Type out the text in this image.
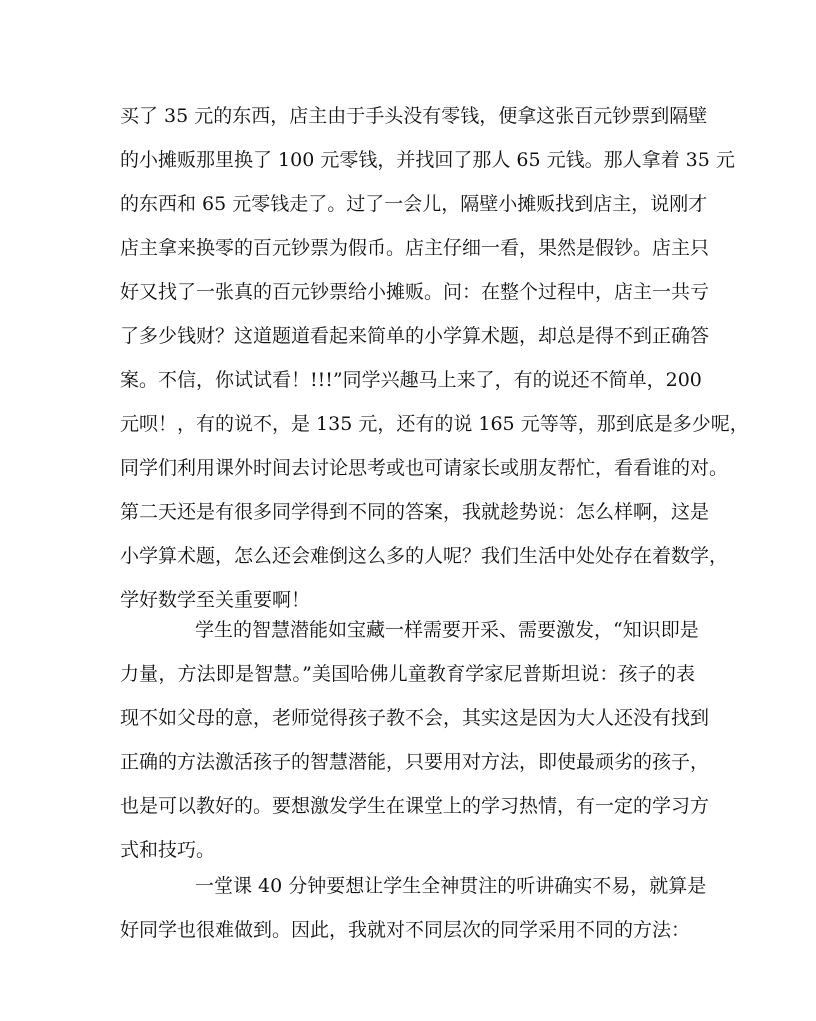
买了 35 元的东西，店主由于手头没有零钱，便拿这张百元钞票到隔壁
的小摊贩那里换了 100 元零钱，并找回了那人 65 元钱。那人拿着 35 元
的东西和 65 元零钱走了。过了一会儿，隔壁小摊贩找到店主，说刚才
店主拿来换零的百元钞票为假币。店主仔细一看，果然是假钞。店主只
好又找了一张真的百元钞票给小摊贩。问：在整个过程中，店主一共亏
了多少钱财？这道题道看起来简单的小学算术题，却总是得不到正确答
案。不信，你试试看！!!!”同学兴趣马上来了，有的说还不简单，200
元呗！，有的说不，是 135 元，还有的说 165 元等等，那到底是多少呢，
同学们利用课外时间去讨论思考或也可请家长或朋友帮忙，看看谁的对。
第二天还是有很多同学得到不同的答案，我就趁势说：怎么样啊，这是
小学算术题，怎么还会难倒这么多的人呢？我们生活中处处存在着数学，
学好数学至关重要啊！
学生的智慧潜能如宝藏一样需要开采、需要激发，“知识即是
力量，方法即是智慧。”美国哈佛儿童教育学家尼普斯坦说：孩子的表
现不如父母的意，老师觉得孩子教不会，其实这是因为大人还没有找到
正确的方法激活孩子的智慧潜能，只要用对方法，即使最顽劣的孩子，
也是可以教好的。要想激发学生在课堂上的学习热情，有一定的学习方
式和技巧。
一堂课 40 分钟要想让学生全神贯注的听讲确实不易，就算是
好同学也很难做到。因此，我就对不同层次的同学采用不同的方法：
